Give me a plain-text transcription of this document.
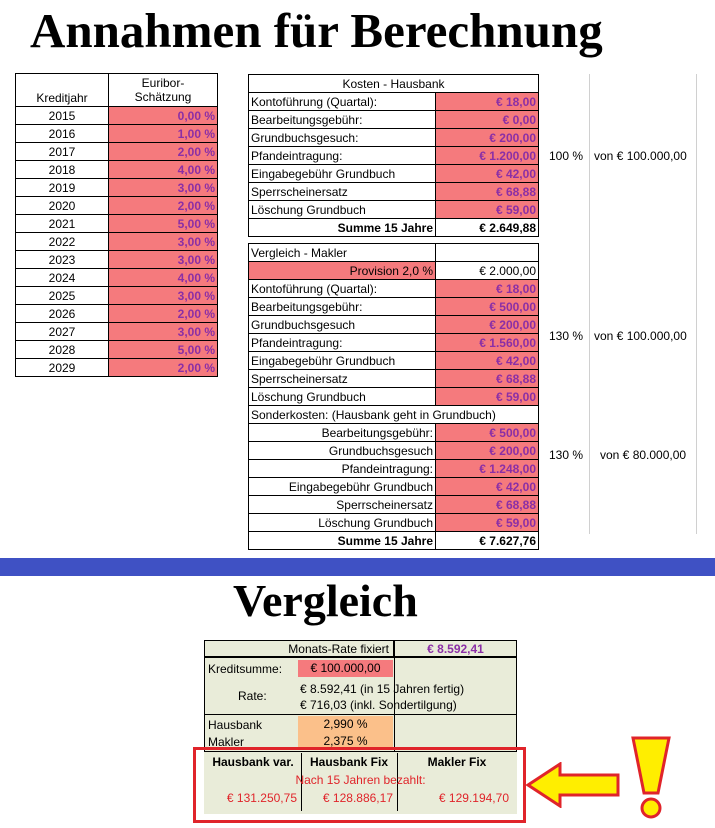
Annahmen für Berechnung
Kreditjahr	Euribor-
Schätzung

2015	0,00 %
2016	1,00 %
2017	2,00 %
2018	4,00 %
2019	3,00 %
2020	2,00 %
2021	5,00 %
2022	3,00 %
2023	3,00 %
2024	4,00 %
2025	3,00 %
2026	2,00 %
2027	3,00 %
2028	5,00 %
2029	2,00 %
Kosten - Hausbank	
Kontoführung (Quartal):	€ 18,00
Bearbeitungsgebühr:	€ 0,00
Grundbuchsgesuch:	€ 200,00
Pfandeintragung:	€ 1.200,00
Eingabegebühr Grundbuch	€ 42,00
Sperrscheinersatz	€ 68,88
Löschung Grundbuch	€ 59,00
Summe 15 Jahre	€ 2.649,88
100 % von € 100.000,00
Vergleich - Makler	
Provision 2,0 %	€ 2.000,00
Kontoführung (Quartal):	€ 18,00
Bearbeitungsgebühr:	€ 500,00
Grundbuchsgesuch	€ 200,00
Pfandeintragung:	€ 1.560,00
Eingabegebühr Grundbuch	€ 42,00
Sperrscheinersatz	€ 68,88
Löschung Grundbuch	€ 59,00
Sonderkosten: (Hausbank geht in Grundbuch)	
Bearbeitungsgebühr:	€ 500,00
Grundbuchsgesuch	€ 200,00
Pfandeintragung:	€ 1.248,00
Eingabegebühr Grundbuch	€ 42,00
Sperrscheinersatz	€ 68,88
Löschung Grundbuch	€ 59,00
Summe 15 Jahre	€ 7.627,76
130 % von € 100.000,00
130 % von € 80.000,00
Vergleich
Monats-Rate fixiert	€ 8.592,41
Kreditsumme:	€ 100.000,00
Rate:	€ 8.592,41 (in 15 Jahren fertig)
€ 716,03 (inkl. Sondertilgung)
Hausbank	2,990 %
Makler	2,375 %
Hausbank var.	Hausbank Fix	Makler Fix
Nach 15 Jahren bezahlt:
€ 131.250,75	€ 128.886,17	€ 129.194,70
